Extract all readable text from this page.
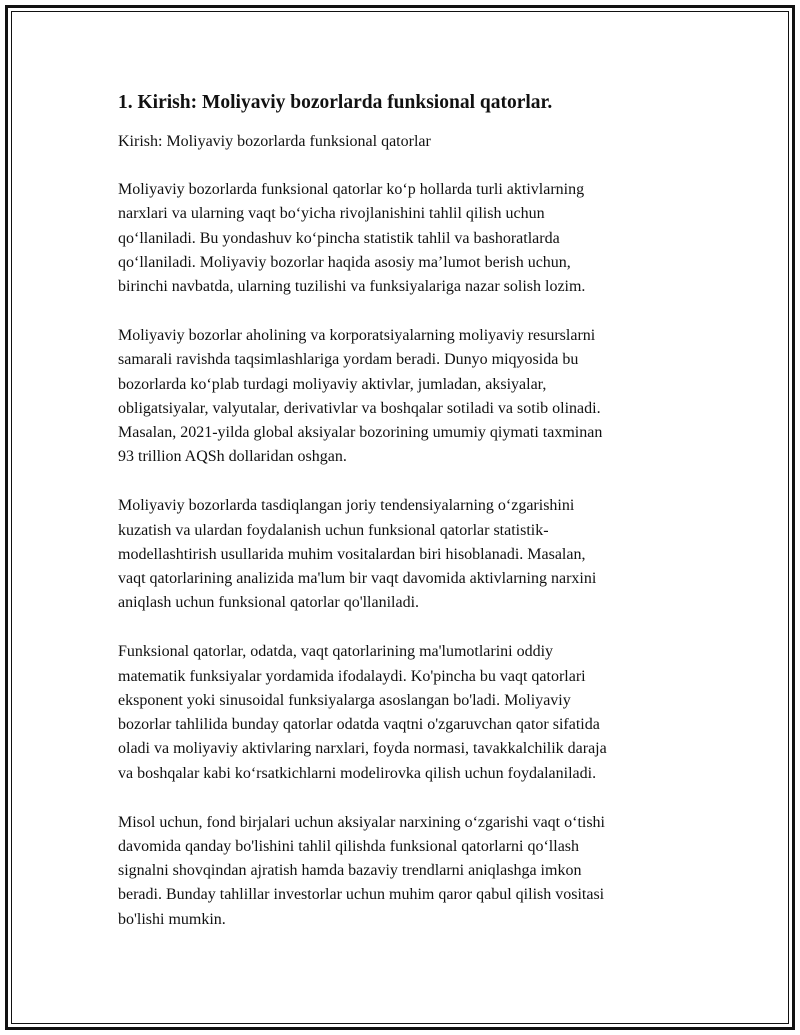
1. Kirish: Moliyaviy bozorlarda funksional qatorlar.
Kirish: Moliyaviy bozorlarda funksional qatorlar

Moliyaviy bozorlarda funksional qatorlar ko‘p hollarda turli aktivlarning
narxlari va ularning vaqt bo‘yicha rivojlanishini tahlil qilish uchun
qo‘llaniladi. Bu yondashuv ko‘pincha statistik tahlil va bashoratlarda
qo‘llaniladi. Moliyaviy bozorlar haqida asosiy ma’lumot berish uchun,
birinchi navbatda, ularning tuzilishi va funksiyalariga nazar solish lozim.

Moliyaviy bozorlar aholining va korporatsiyalarning moliyaviy resurslarni
samarali ravishda taqsimlashlariga yordam beradi. Dunyo miqyosida bu
bozorlarda ko‘plab turdagi moliyaviy aktivlar, jumladan, aksiyalar,
obligatsiyalar, valyutalar, derivativlar va boshqalar sotiladi va sotib olinadi.
Masalan, 2021-yilda global aksiyalar bozorining umumiy qiymati taxminan
93 trillion AQSh dollaridan oshgan.

Moliyaviy bozorlarda tasdiqlangan joriy tendensiyalarning o‘zgarishini
kuzatish va ulardan foydalanish uchun funksional qatorlar statistik-
modellashtirish usullarida muhim vositalardan biri hisoblanadi. Masalan,
vaqt qatorlarining analizida ma'lum bir vaqt davomida aktivlarning narxini
aniqlash uchun funksional qatorlar qo'llaniladi.

Funksional qatorlar, odatda, vaqt qatorlarining ma'lumotlarini oddiy
matematik funksiyalar yordamida ifodalaydi. Ko'pincha bu vaqt qatorlari
eksponent yoki sinusoidal funksiyalarga asoslangan bo'ladi. Moliyaviy
bozorlar tahlilida bunday qatorlar odatda vaqtni o'zgaruvchan qator sifatida
oladi va moliyaviy aktivlaring narxlari, foyda normasi, tavakkalchilik daraja
va boshqalar kabi ko‘rsatkichlarni modelirovka qilish uchun foydalaniladi.

Misol uchun, fond birjalari uchun aksiyalar narxining o‘zgarishi vaqt o‘tishi
davomida qanday bo'lishini tahlil qilishda funksional qatorlarni qo‘llash
signalni shovqindan ajratish hamda bazaviy trendlarni aniqlashga imkon
beradi. Bunday tahlillar investorlar uchun muhim qaror qabul qilish vositasi
bo'lishi mumkin.
